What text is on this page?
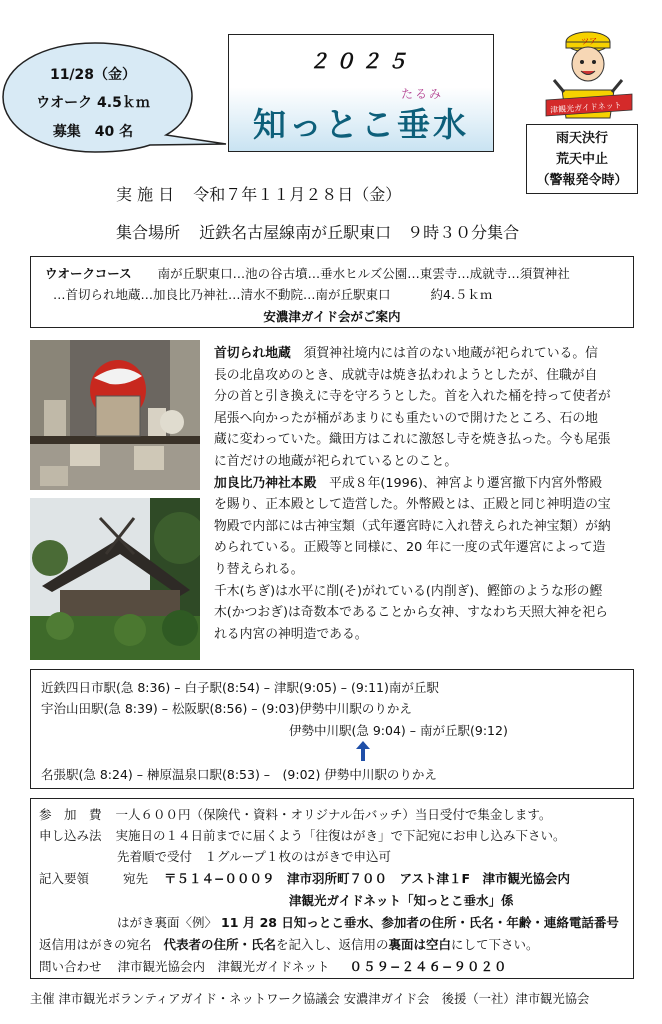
11/28（金）
ウオーク 4.5ｋｍ
募集　40 名
２０２５
たるみ
知っとこ垂水
ツア
津観光ガイドネット
雨天決行
荒天中止
（警報発令時）
実 施 日 令和７年１１月２８日（金）
集合場所 近鉄名古屋線南が丘駅東口　９時３０分集合
ウオークコース 南が丘駅東口…池の谷古墳…垂水ヒルズ公園…東雲寺…成就寺…須賀神社
…首切られ地蔵…加良比乃神社…清水不動院…南が丘駅東口	約4.５ｋｍ
安濃津ガイド会がご案内
首切られ地蔵　 須賀神社境内には首のない地蔵が祀られている。信
長の北畠攻めのとき、成就寺は焼き払われようとしたが、住職が自
分の首と引き換えに寺を守ろうとした。首を入れた桶を持って使者が
尾張へ向かったが桶があまりにも重たいので開けたところ、石の地
蔵に変わっていた。織田方はこれに激怒し寺を焼き払った。今も尾張
に首だけの地蔵が祀られているとのこと。
加良比乃神社本殿　 平成８年(1996)、神宮より遷宮撤下内宮外幣殿
を賜り、正本殿として造営した。外幣殿とは、正殿と同じ神明造の宝
物殿で内部には古神宝類（式年遷宮時に入れ替えられた神宝類）が納
められている。正殿等と同様に、20 年に一度の式年遷宮によって造
り替えられる。
千木(ちぎ)は水平に削(そ)がれている(内削ぎ)、鰹節のような形の鰹
木(かつおぎ)は奇数本であることから女神、すなわち天照大神を祀ら
れる内宮の神明造である。
近鉄四日市駅(急 8:36) – 白子駅(8:54) – 津駅(9:05) – (9:11)南が丘駅
宇治山田駅(急 8:39) – 松阪駅(8:56) – (9:03)伊勢中川駅のりかえ
伊勢中川駅(急 9:04) – 南が丘駅(9:12)
名張駅(急 8:24) – 榊原温泉口駅(8:53) –　(9:02) 伊勢中川駅のりかえ
参　加　費 一人６００円（保険代・資料・オリジナル缶バッチ）当日受付で集金します。
申し込み法 実施日の１４日前までに届くよう「往復はがき」で下記宛にお申し込み下さい。
先着順で受付　１グループ１枚のはがきで申込可
記入要領	宛先 〒５１４−０００９　津市羽所町７００　アスト津１F　津市観光協会内
津観光ガイドネット「知っとこ垂水」係
はがき裏面〈例〉 11 月 28 日知っとこ垂水、参加者の住所・氏名・年齢・連絡電話番号
返信用はがきの宛名 代表者の住所・氏名を記入し、返信用の裏面は空白にして下さい。
問い合わせ 津市観光協会内　津観光ガイドネット ０５９−２４６−９０２０
主催 津市観光ボランティアガイド・ネットワーク協議会 安濃津ガイド会　後援（一社）津市観光協会
